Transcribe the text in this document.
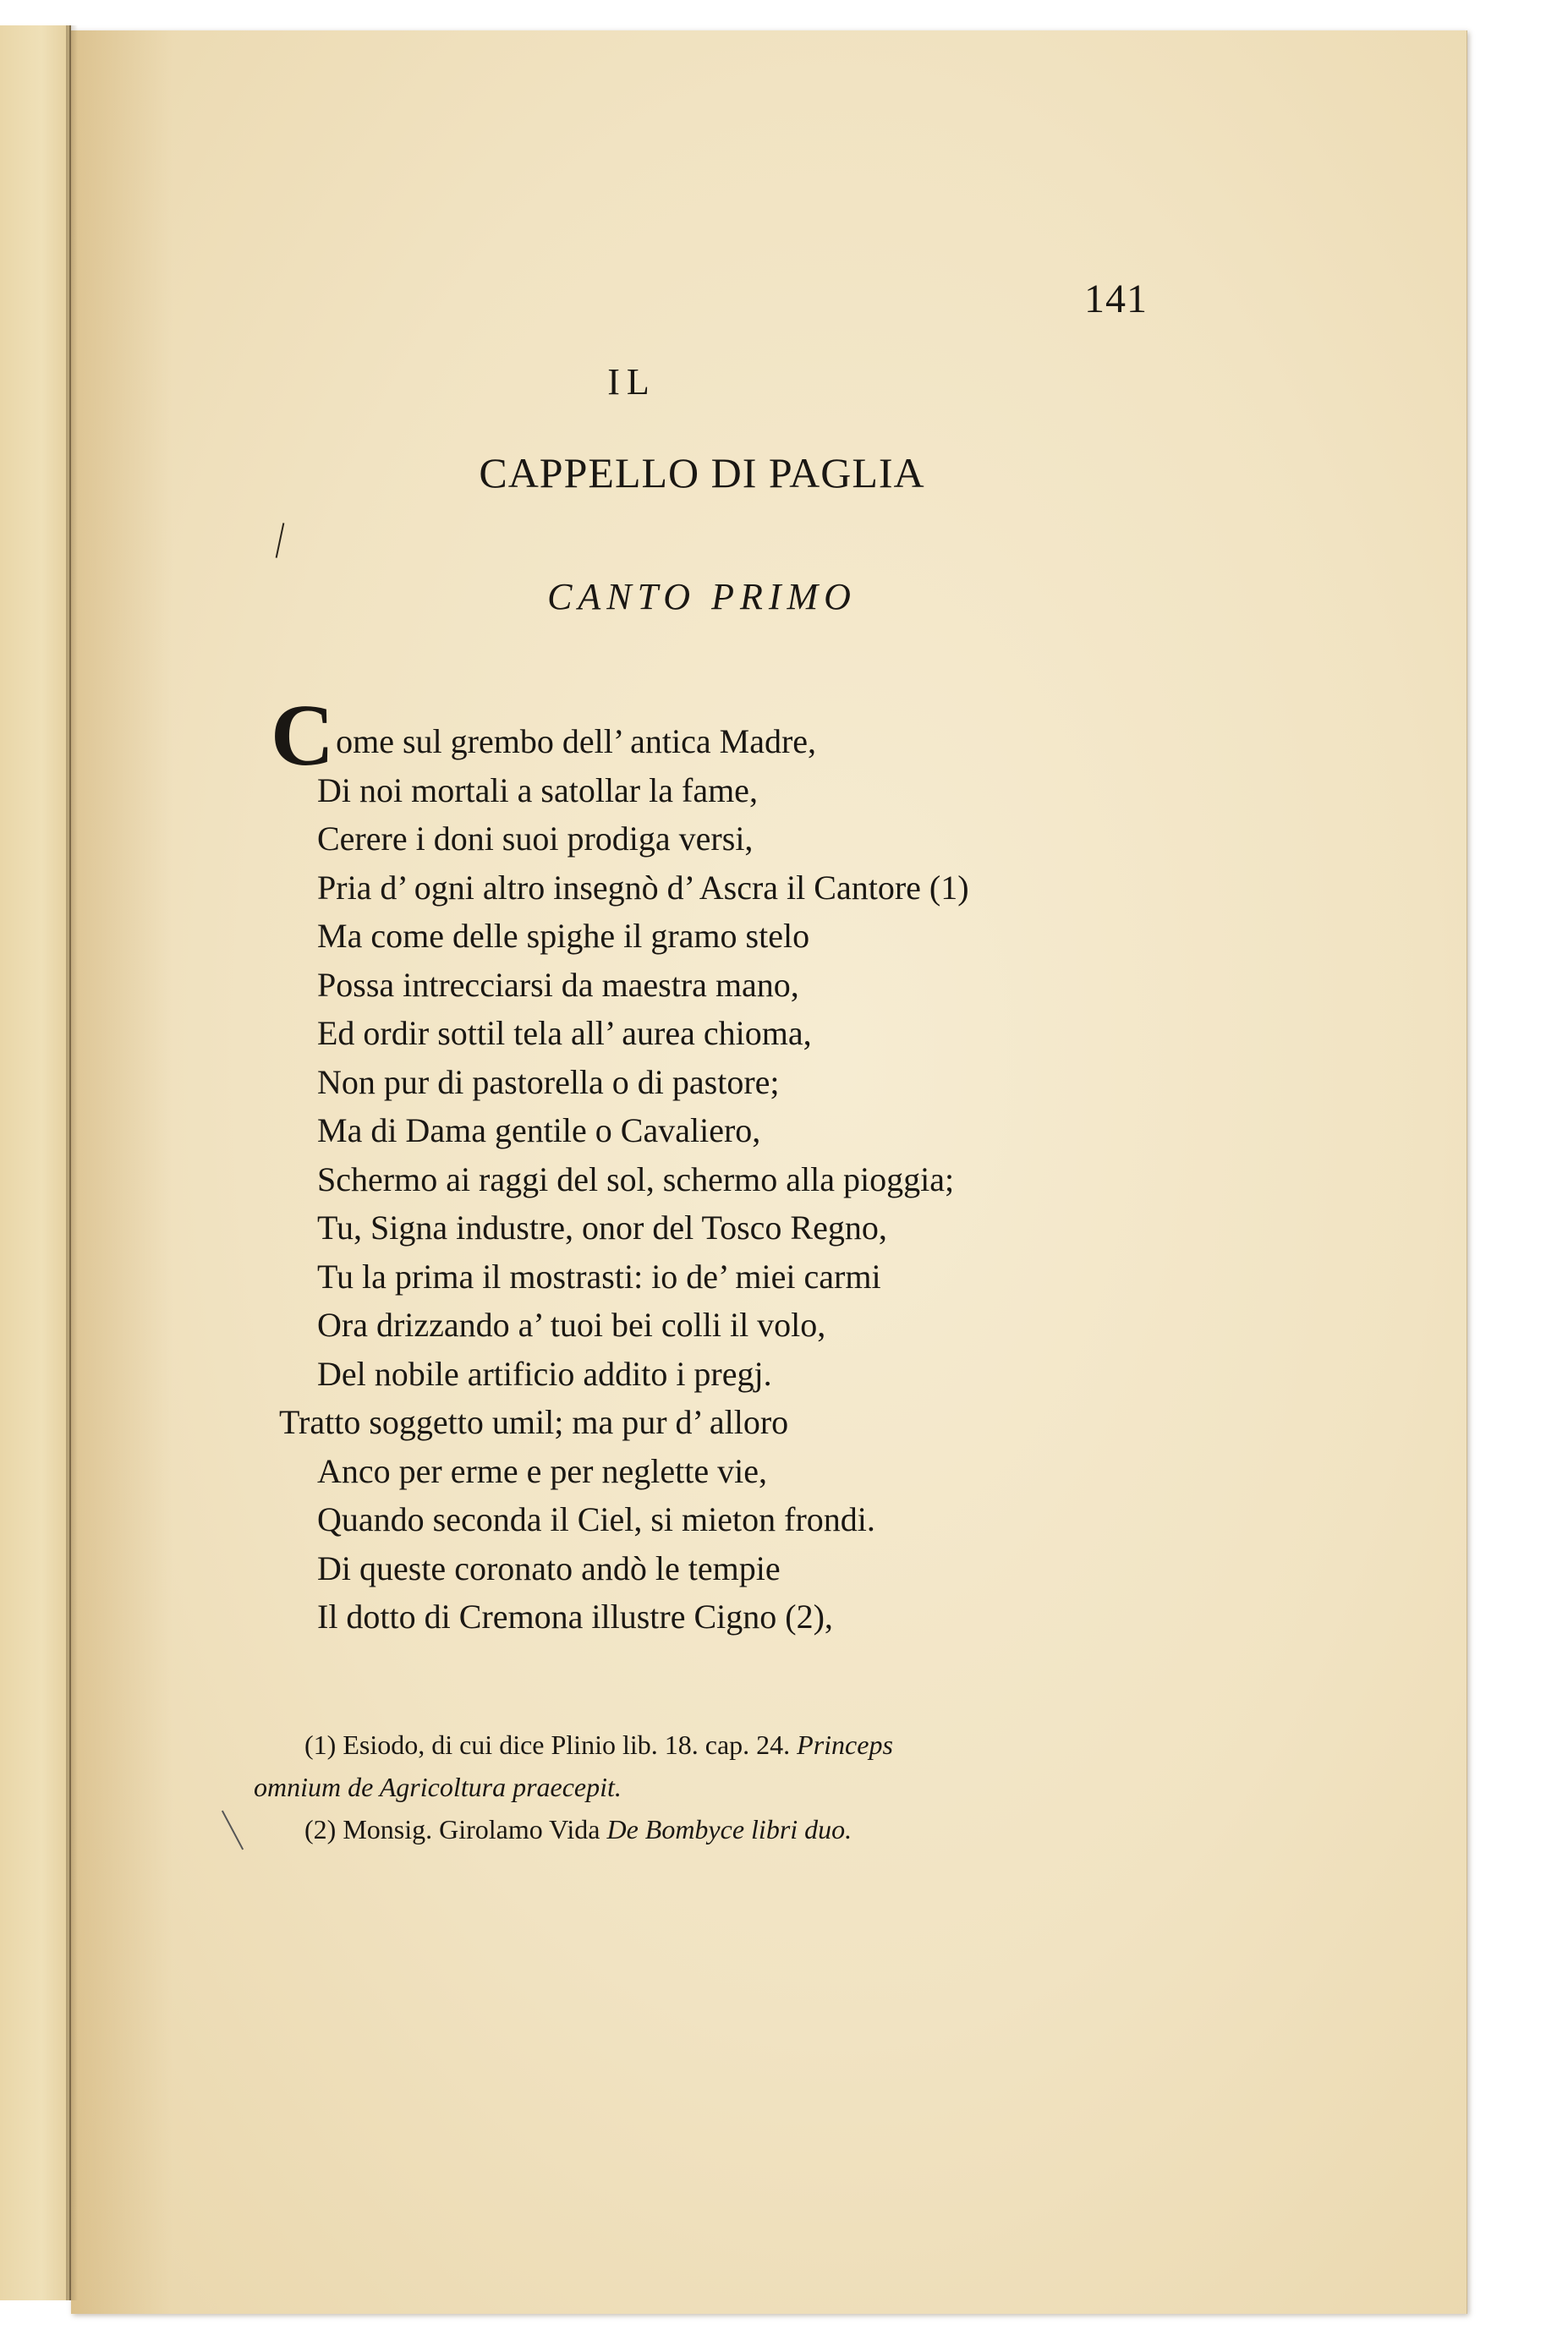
141
IL
CAPPELLO DI PAGLIA
CANTO PRIMO
Come sul grembo dell’ antica Madre,
Di noi mortali a satollar la fame,
Cerere i doni suoi prodiga versi,
Pria d’ ogni altro insegnò d’ Ascra il Cantore (1)
Ma come delle spighe il gramo stelo
Possa intrecciarsi da maestra mano,
Ed ordir sottil tela all’ aurea chioma,
Non pur di pastorella o di pastore;
Ma di Dama gentile o Cavaliero,
Schermo ai raggi del sol, schermo alla pioggia;
Tu, Signa industre, onor del Tosco Regno,
Tu la prima il mostrasti: io de’ miei carmi
Ora drizzando a’ tuoi bei colli il volo,
Del nobile artificio addito i pregj.
Tratto soggetto umil; ma pur d’ alloro
Anco per erme e per neglette vie,
Quando seconda il Ciel, si mieton frondi.
Di queste coronato andò le tempie
Il dotto di Cremona illustre Cigno (2),
(1) Esiodo, di cui dice Plinio lib. 18. cap. 24. Princeps
omnium de Agricoltura praecepit.
(2) Monsig. Girolamo Vida De Bombyce libri duo.
